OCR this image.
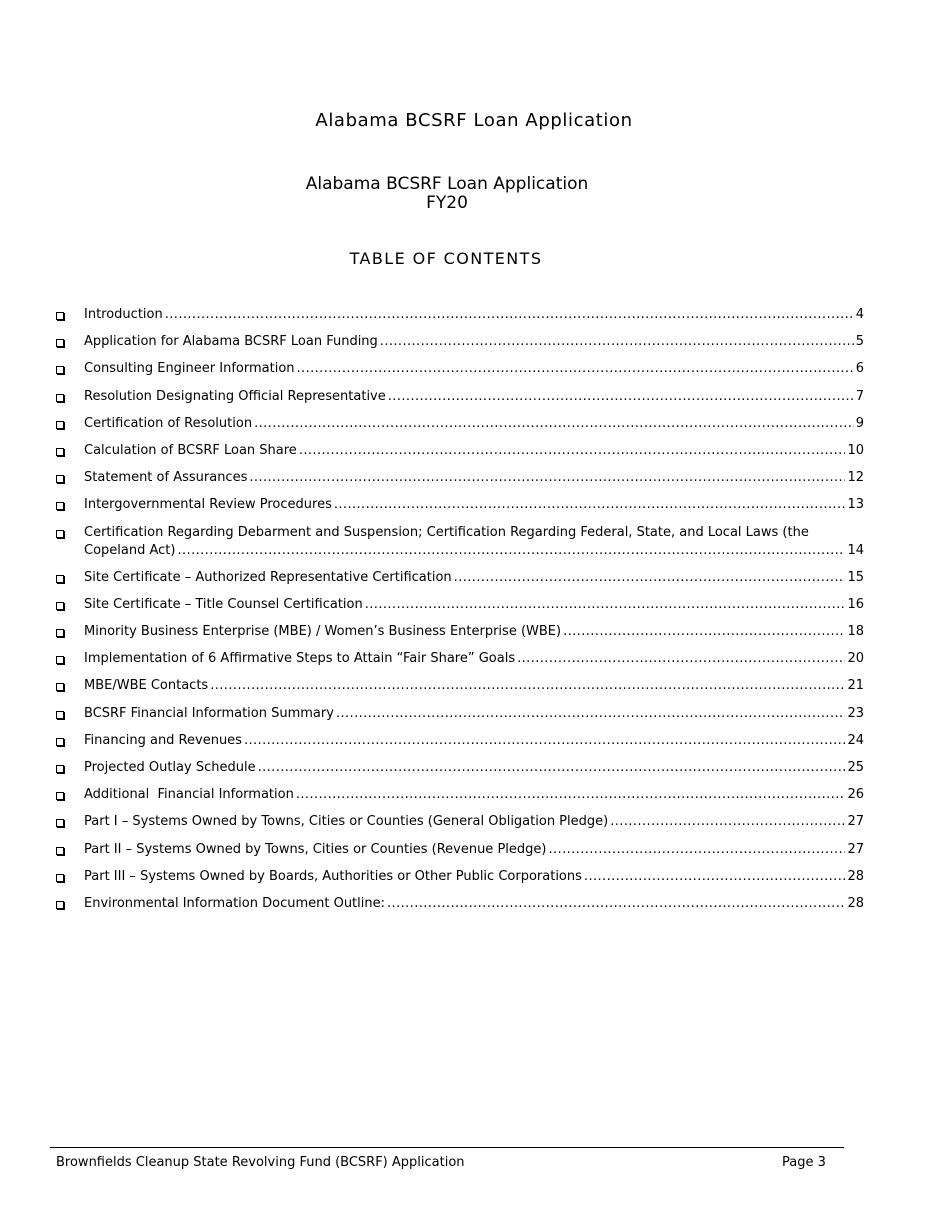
Alabama BCSRF Loan Application
Alabama BCSRF Loan Application
FY20
TABLE OF CONTENTS
Introduction .....	4
Application for Alabama BCSRF Loan Funding .....	5
Consulting Engineer Information .....	6
Resolution Designating Official Representative .....	7
Certification of Resolution .....	9
Calculation of BCSRF Loan Share .....	10
Statement of Assurances .....	12
Intergovernmental Review Procedures .....	13
Certification Regarding Debarment and Suspension; Certification Regarding Federal, State, and Local Laws (the
Copeland Act) .....	14
Site Certificate – Authorized Representative Certification .....	15
Site Certificate – Title Counsel Certification .....	16
Minority Business Enterprise (MBE) / Women’s Business Enterprise (WBE) .....	18
Implementation of 6 Affirmative Steps to Attain “Fair Share” Goals .....	20
MBE/WBE Contacts .....	21
BCSRF Financial Information Summary .....	23
Financing and Revenues .....	24
Projected Outlay Schedule .....	25
Additional  Financial Information .....	26
Part I – Systems Owned by Towns, Cities or Counties (General Obligation Pledge) .....	27
Part II – Systems Owned by Towns, Cities or Counties (Revenue Pledge) .....	27
Part III – Systems Owned by Boards, Authorities or Other Public Corporations .....	28
Environmental Information Document Outline: .....	28
Brownfields Cleanup State Revolving Fund (BCSRF) Application	Page 3
